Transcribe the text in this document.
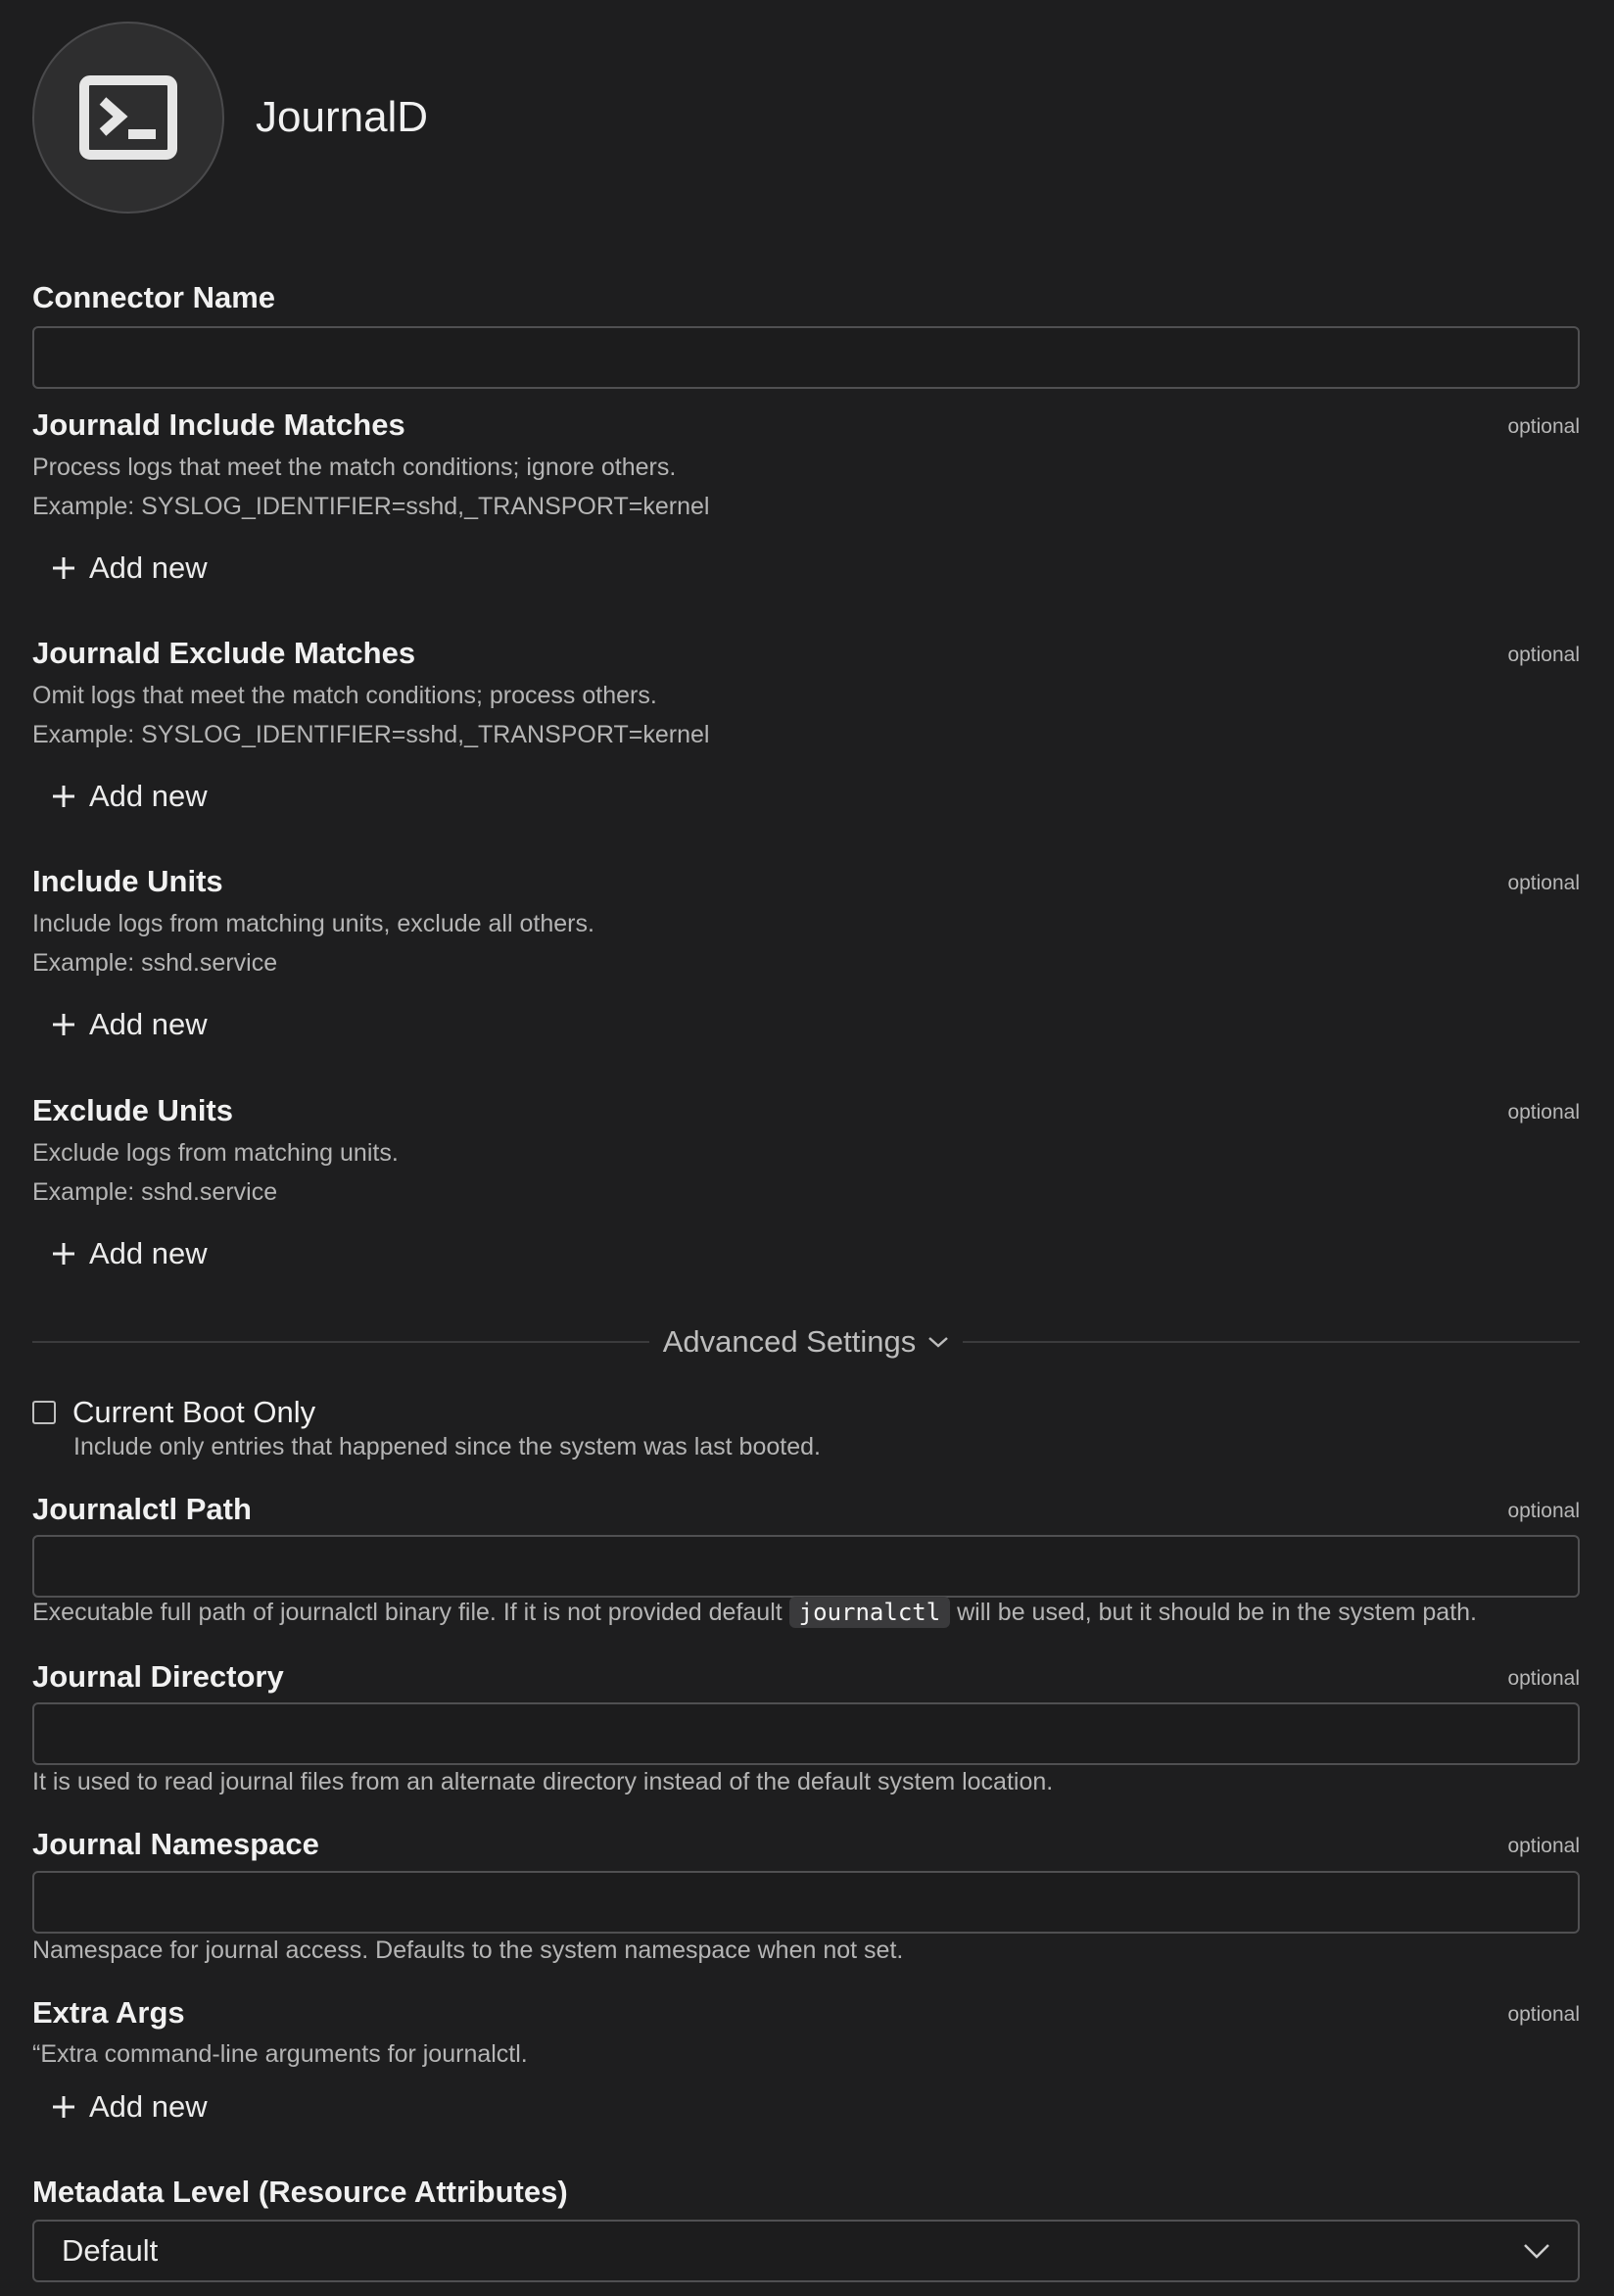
JournalD
Connector Name
Journald Include Matches	optional
Process logs that meet the match conditions; ignore others.
Example: SYSLOG_IDENTIFIER=sshd,_TRANSPORT=kernel
Add new
Journald Exclude Matches	optional
Omit logs that meet the match conditions; process others.
Example: SYSLOG_IDENTIFIER=sshd,_TRANSPORT=kernel
Add new
Include Units	optional
Include logs from matching units, exclude all others.
Example: sshd.service
Add new
Exclude Units	optional
Exclude logs from matching units.
Example: sshd.service
Add new
Advanced Settings
Current Boot Only
Include only entries that happened since the system was last booted.
Journalctl Path	optional
Executable full path of journalctl binary file. If it is not provided default journalctl will be used, but it should be in the system path.
Journal Directory	optional
It is used to read journal files from an alternate directory instead of the default system location.
Journal Namespace	optional
Namespace for journal access. Defaults to the system namespace when not set.
Extra Args	optional
“Extra command-line arguments for journalctl.
Add new
Metadata Level (Resource Attributes)
Default
